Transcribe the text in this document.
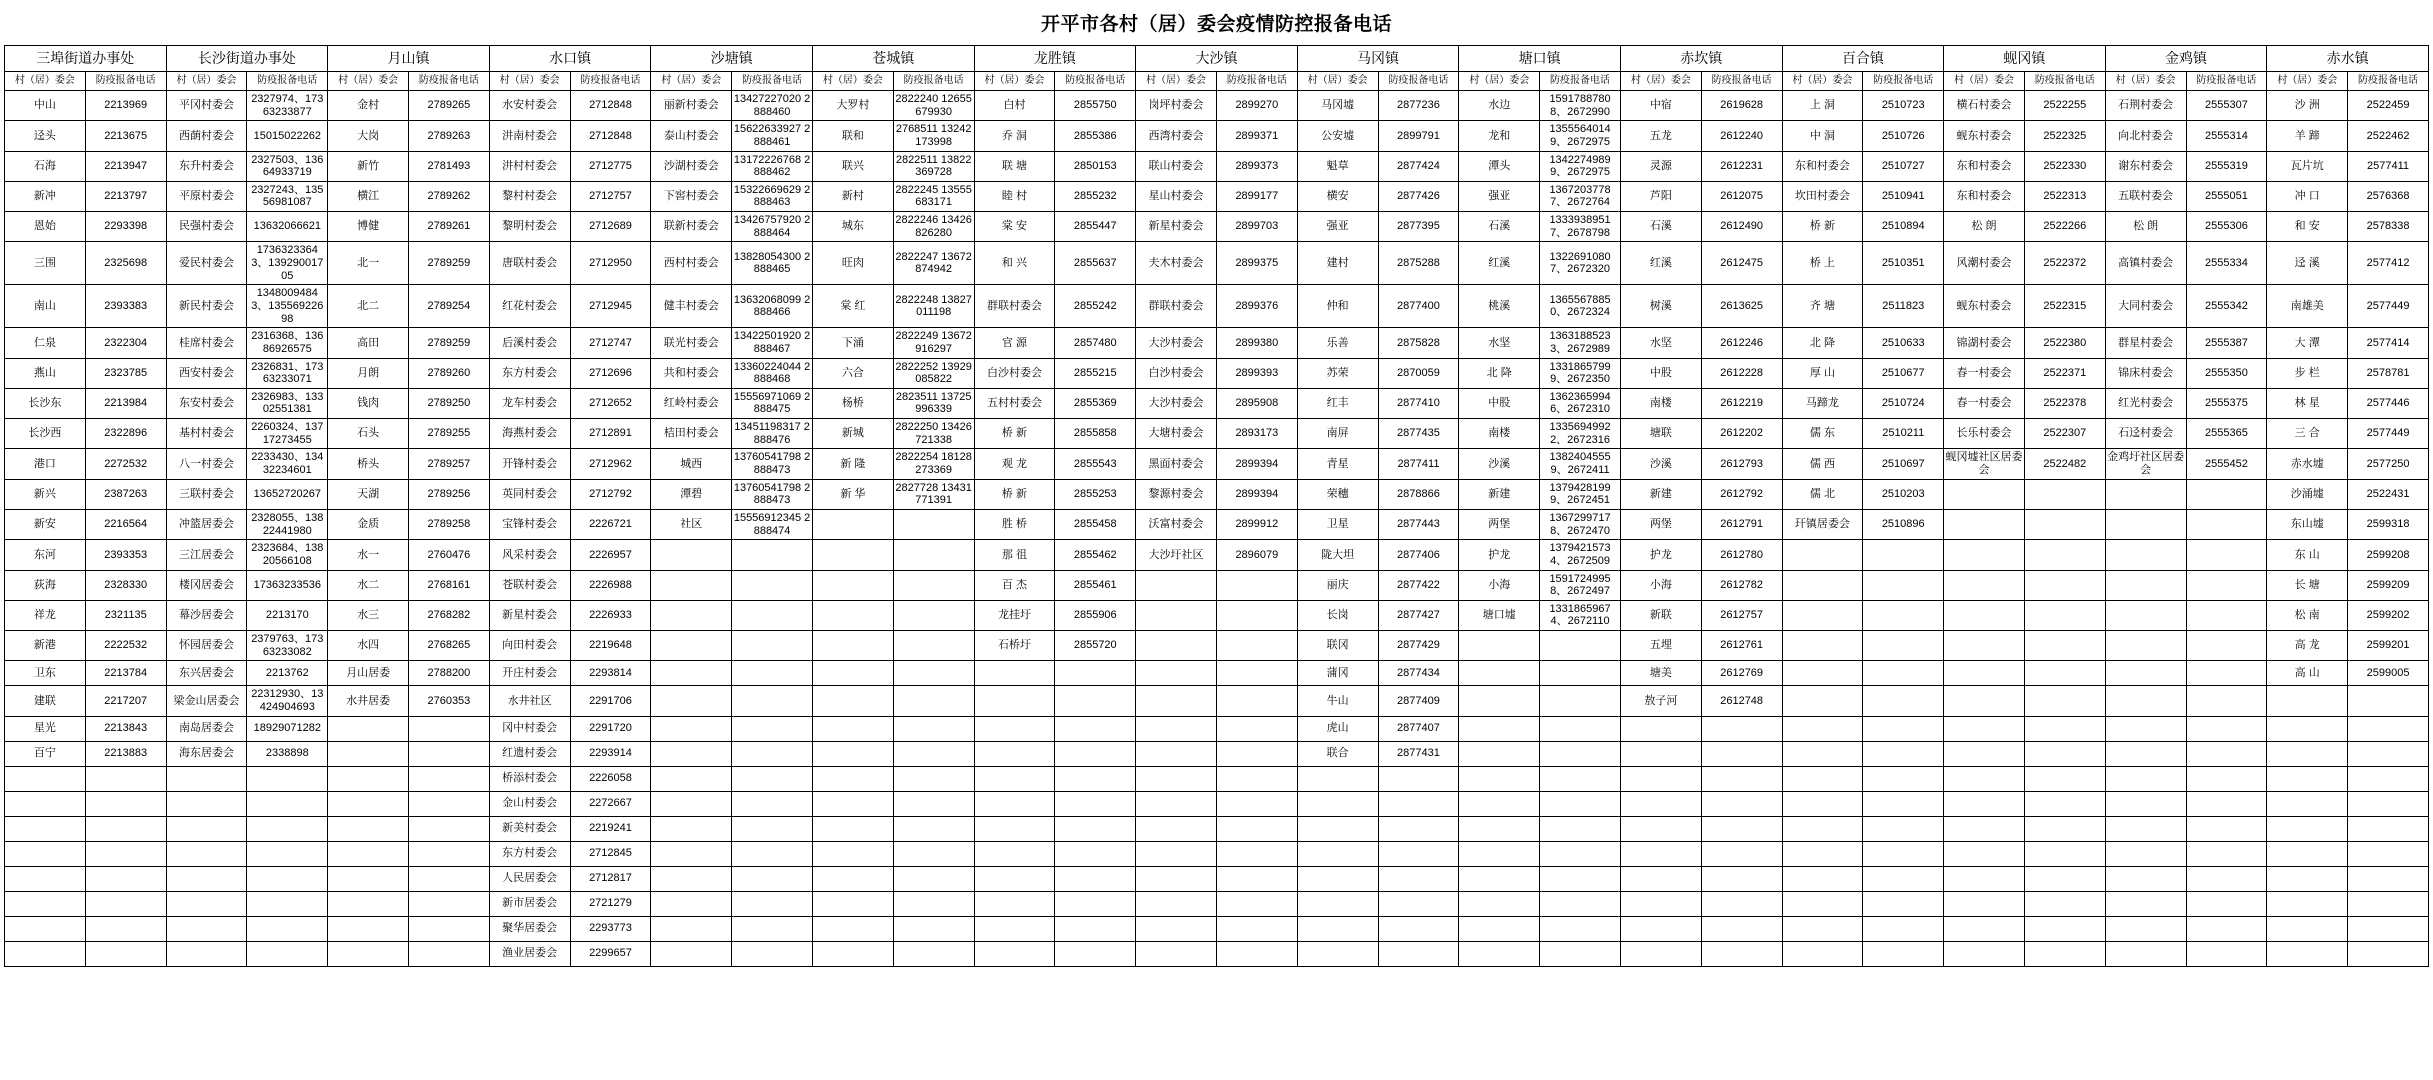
开平市各村（居）委会疫情防控报备电话
三埠街道办事处		长沙街道办事处		月山镇		水口镇		沙塘镇		苍城镇		龙胜镇		大沙镇		马冈镇		塘口镇		赤坎镇		百合镇		蚬冈镇		金鸡镇		赤水镇	
村（居）委会	防疫报备电话	村（居）委会	防疫报备电话	村（居）委会	防疫报备电话	村（居）委会	防疫报备电话	村（居）委会	防疫报备电话	村（居）委会	防疫报备电话	村（居）委会	防疫报备电话	村（居）委会	防疫报备电话	村（居）委会	防疫报备电话	村（居）委会	防疫报备电话	村（居）委会	防疫报备电话	村（居）委会	防疫报备电话	村（居）委会	防疫报备电话	村（居）委会	防疫报备电话	村（居）委会	防疫报备电话
中山	2213969	平冈村委会	2327974、17363233877	金村	2789265	水安村委会	2712848	丽新村委会	13427227020 2888460	大罗村	2822240 12655679930	白村	2855750	岗坪村委会	2899270	马冈墟	2877236	水边	15917887808、2672990	中宿	2619628	上 洞	2510723	横石村委会	2522255	石荆村委会	2555307	沙 洲	2522459
迳头	2213675	西蓢村委会	15015022262	大岗	2789263	汫南村委会	2712848	泰山村委会	15622633927 2888461	联和	2768511 13242173998	乔 洞	2855386	西湾村委会	2899371	公安墟	2899791	龙和	13555640149、2672975	五龙	2612240	中 洞	2510726	蚬东村委会	2522325	向北村委会	2555314	羊 蹄	2522462
石海	2213947	东升村委会	2327503、13664933719	新竹	2781493	汫村村委会	2712775	沙湖村委会	13172226768 2888462	联兴	2822511 13822369728	联 塘	2850153	联山村委会	2899373	魁草	2877424	潭头	13422749899、2672975	灵源	2612231	东和村委会	2510727	东和村委会	2522330	谢东村委会	2555319	瓦片坑	2577411
新冲	2213797	平原村委会	2327243、13556981087	横江	2789262	黎村村委会	2712757	下窖村委会	15322669629 2888463	新村	2822245 13555683171	睦 村	2855232	星山村委会	2899177	横安	2877426	强亚	13672037787、2672764	芦阳	2612075	坎田村委会	2510941	东和村委会	2522313	五联村委会	2555051	冲 口	2576368
恩始	2293398	民强村委会	13632066621	博健	2789261	黎明村委会	2712689	联新村委会	13426757920 2888464	城东	2822246 13426826280	棠 安	2855447	新星村委会	2899703	强亚	2877395	石溪	13339389517、2678798	石溪	2612490	桥 新	2510894	松 朗	2522266	松 朗	2555306	和 安	2578338
三围	2325698	爱民村委会	17363233643、13929001705	北一	2789259	唐联村委会	2712950	西村村委会	13828054300 2888465	旺肉	2822247 13672874942	和 兴	2855637	夫木村委会	2899375	建村	2875288	红溪	13226910807、2672320	红溪	2612475	桥 上	2510351	风潮村委会	2522372	高镇村委会	2555334	迳 溪	2577412
南山	2393383	新民村委会	13480094843、13556922698	北二	2789254	红花村委会	2712945	健丰村委会	13632068099 2888466	棠 红	2822248 13827011198	群联村委会	2855242	群联村委会	2899376	仲和	2877400	桃溪	13655678850、2672324	树溪	2613625	齐 塘	2511823	蚬东村委会	2522315	大同村委会	2555342	南雄美	2577449
仁泉	2322304	桂席村委会	2316368、13686926575	高田	2789259	后溪村委会	2712747	联光村委会	13422501920 2888467	下涌	2822249 13672916297	官 源	2857480	大沙村委会	2899380	乐善	2875828	水坚	13631885233、2672989	水坚	2612246	北 降	2510633	锦湖村委会	2522380	群星村委会	2555387	大 潭	2577414
燕山	2323785	西安村委会	2326831、17363233071	月朗	2789260	东方村委会	2712696	共和村委会	13360224044 2888468	六合	2822252 13929085822	白沙村委会	2855215	白沙村委会	2899393	苏荣	2870059	北 降	13318657999、2672350	中股	2612228	厚 山	2510677	春一村委会	2522371	锦床村委会	2555350	步 栏	2578781
长沙东	2213984	东安村委会	2326983、13302551381	钱肉	2789250	龙车村委会	2712652	红岭村委会	15556971069 2888475	杨桥	2823511 13725996339	五村村委会	2855369	大沙村委会	2895908	红丰	2877410	中股	13623659946、2672310	南楼	2612219	马蹄龙	2510724	春一村委会	2522378	红光村委会	2555375	林 星	2577446
长沙西	2322896	基村村委会	2260324、13717273455	石头	2789255	海燕村委会	2712891	桔田村委会	13451198317 2888476	新城	2822250 13426721338	桥 新	2855858	大塘村委会	2893173	南屏	2877435	南楼	13356949922、2672316	塘联	2612202	儒 东	2510211	长乐村委会	2522307	石迳村委会	2555365	三 合	2577449
港口	2272532	八一村委会	2233430、13432234601	桥头	2789257	开锋村委会	2712962	城西	13760541798 2888473	新 隆	2822254 18128273369	观 龙	2855543	黑面村委会	2899394	青星	2877411	沙溪	13824045559、2672411	沙溪	2612793	儒 西	2510697	蚬冈墟社区居委会	2522482	金鸡圩社区居委会	2555452	赤水墟	2577250
新兴	2387263	三联村委会	13652720267	天湖	2789256	英同村委会	2712792	潭碧	13760541798 2888473	新 华	2827728 13431771391	桥 新	2855253	黎源村委会	2899394	荣穗	2878866	新建	13794281999、2672451	新建	2612792	儒 北	2510203					沙涌墟	2522431
新安	2216564	冲篮居委会	2328055、13822441980	金质	2789258	宝锋村委会	2226721	社区	15556912345 2888474			胜 桥	2855458	沃富村委会	2899912	卫星	2877443	两堡	13672997178、2672470	两堡	2612791	玕镇居委会	2510896					东山墟	2599318
东河	2393353	三江居委会	2323684、13820566108	水一	2760476	风采村委会	2226957					那 徂	2855462	大沙圩社区	2896079	陇大坦	2877406	护龙	13794215734、2672509	护龙	2612780							东 山	2599208
荻海	2328330	楼冈居委会	17363233536	水二	2768161	苍联村委会	2226988					百 杰	2855461			丽庆	2877422	小海	15917249958、2672497	小海	2612782							长 塘	2599209
祥龙	2321135	幕沙居委会	2213170	水三	2768282	新星村委会	2226933					龙挂圩	2855906			长岗	2877427	塘口墟	13318659674、2672110	新联	2612757							松 南	2599202
新港	2222532	怀园居委会	2379763、17363233082	水四	2768265	向田村委会	2219648					石桥圩	2855720			联冈	2877429			五埋	2612761							高 龙	2599201
卫东	2213784	东兴居委会	2213762	月山居委	2788200	开庄村委会	2293814									蒲冈	2877434			塘美	2612769							高 山	2599005
建联	2217207	梁金山居委会	22312930、13424904693	水井居委	2760353	水井社区	2291706									牛山	2877409			敖子河	2612748								
星光	2213843	南岛居委会	18929071282			冈中村委会	2291720									虎山	2877407												
百宁	2213883	海东居委会	2338898			红遗村委会	2293914									联合	2877431												
						桥添村委会	2226058																						
						金山村委会	2272667																						
						新美村委会	2219241																						
						东方村委会	2712845																						
						人民居委会	2712817																						
						新市居委会	2721279																						
						聚华居委会	2293773																						
						渔业居委会	2299657																						
